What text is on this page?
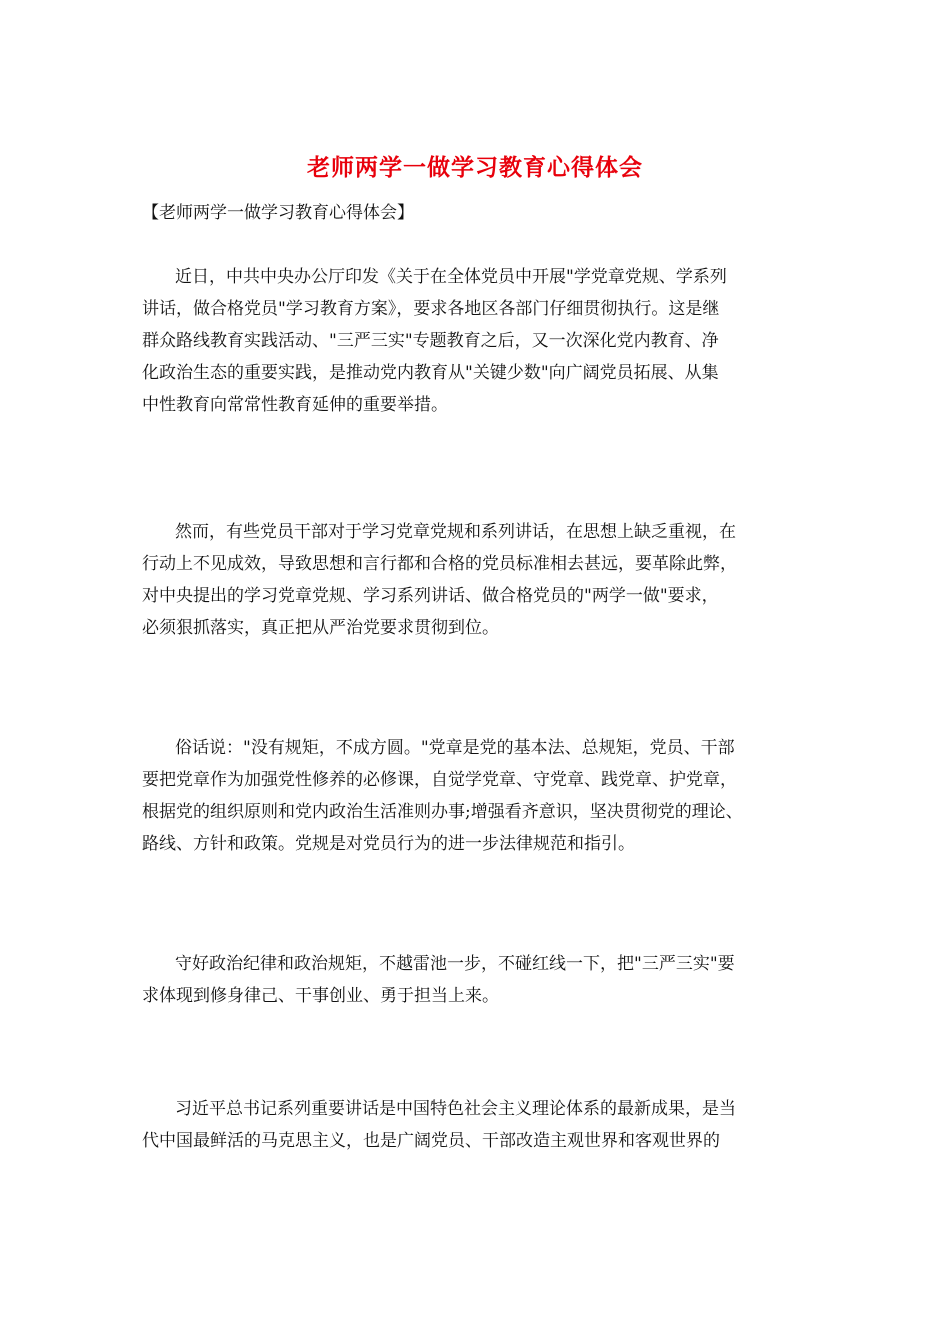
老师两学一做学习教育心得体会
【老师两学一做学习教育心得体会】
近日，中共中央办公厅印发《关于在全体党员中开展"学党章党规、学系列
讲话，做合格党员"学习教育方案》，要求各地区各部门仔细贯彻执行。这是继
群众路线教育实践活动、"三严三实"专题教育之后，又一次深化党内教育、净
化政治生态的重要实践，是推动党内教育从"关键少数"向广阔党员拓展、从集
中性教育向常常性教育延伸的重要举措。
然而，有些党员干部对于学习党章党规和系列讲话，在思想上缺乏重视，在
行动上不见成效，导致思想和言行都和合格的党员标准相去甚远，要革除此弊，
对中央提出的学习党章党规、学习系列讲话、做合格党员的"两学一做"要求，
必须狠抓落实，真正把从严治党要求贯彻到位。
俗话说："没有规矩，不成方圆。"党章是党的基本法、总规矩，党员、干部
要把党章作为加强党性修养的必修课，自觉学党章、守党章、践党章、护党章，
根据党的组织原则和党内政治生活准则办事;增强看齐意识，坚决贯彻党的理论、
路线、方针和政策。党规是对党员行为的进一步法律规范和指引。
守好政治纪律和政治规矩，不越雷池一步，不碰红线一下，把"三严三实"要
求体现到修身律己、干事创业、勇于担当上来。
习近平总书记系列重要讲话是中国特色社会主义理论体系的最新成果，是当
代中国最鲜活的马克思主义，也是广阔党员、干部改造主观世界和客观世界的
